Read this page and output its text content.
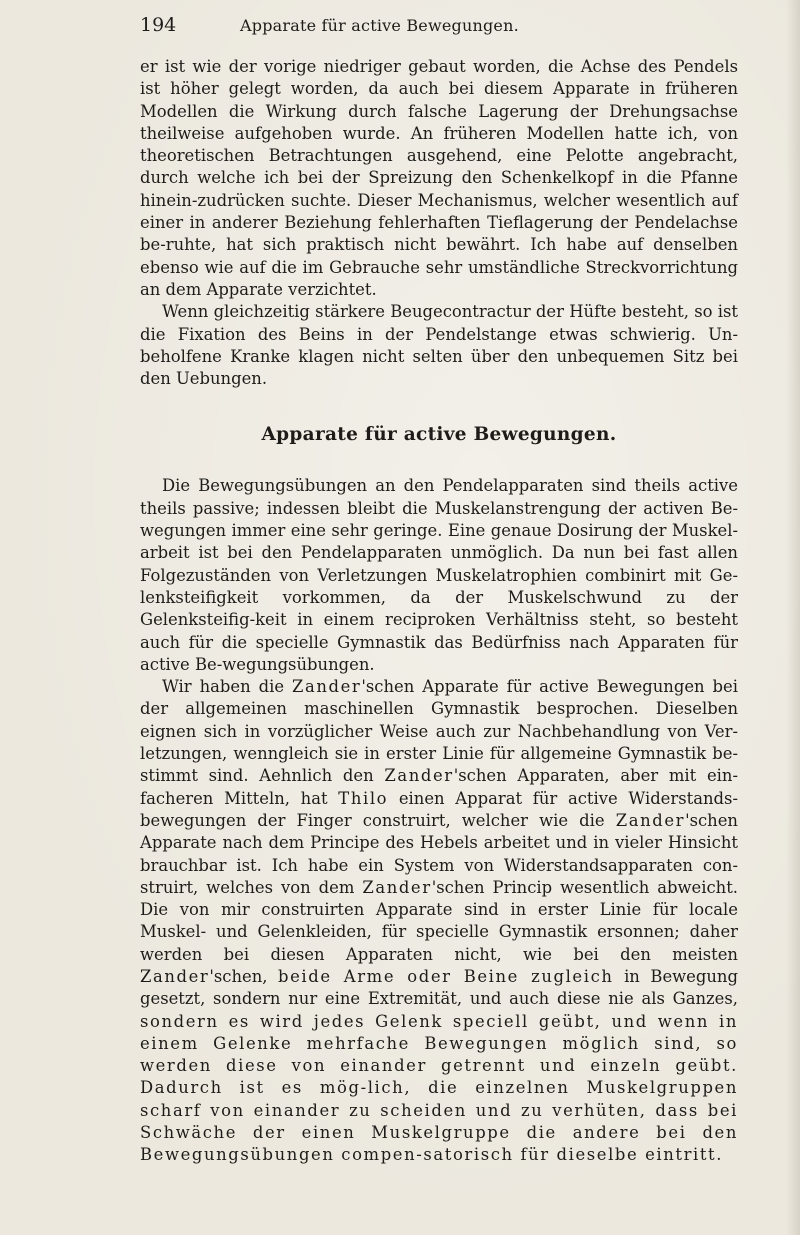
194	Apparate für active Bewegungen.

er ist wie der vorige niedriger gebaut worden, die Achse des Pendels ist höher gelegt worden, da auch bei diesem Apparate in früheren Modellen die Wirkung durch falsche Lagerung der Drehungsachse theilweise aufgehoben wurde. An früheren Modellen hatte ich, von theoretischen Betrachtungen ausgehend, eine Pelotte angebracht, durch welche ich bei der Spreizung den Schenkelkopf in die Pfanne hinein-zudrücken suchte. Dieser Mechanismus, welcher wesentlich auf einer in anderer Beziehung fehlerhaften Tieflagerung der Pendelachse be-ruhte, hat sich praktisch nicht bewährt. Ich habe auf denselben ebenso wie auf die im Gebrauche sehr umständliche Streckvorrichtung an dem Apparate verzichtet.

Wenn gleichzeitig stärkere Beugecontractur der Hüfte besteht, so ist die Fixation des Beins in der Pendelstange etwas schwierig. Un-beholfene Kranke klagen nicht selten über den unbequemen Sitz bei den Uebungen.

Apparate für active Bewegungen.

Die Bewegungsübungen an den Pendelapparaten sind theils active theils passive; indessen bleibt die Muskelanstrengung der activen Be-wegungen immer eine sehr geringe. Eine genaue Dosirung der Muskel-arbeit ist bei den Pendelapparaten unmöglich. Da nun bei fast allen Folgezuständen von Verletzungen Muskelatrophien combinirt mit Ge-lenksteifigkeit vorkommen, da der Muskelschwund zu der Gelenksteifig-keit in einem reciproken Verhältniss steht, so besteht auch für die specielle Gymnastik das Bedürfniss nach Apparaten für active Be-wegungsübungen.

Wir haben die Zander'schen Apparate für active Bewegungen bei der allgemeinen maschinellen Gymnastik besprochen. Dieselben eignen sich in vorzüglicher Weise auch zur Nachbehandlung von Ver-letzungen, wenngleich sie in erster Linie für allgemeine Gymnastik be-stimmt sind. Aehnlich den Zander'schen Apparaten, aber mit ein-facheren Mitteln, hat Thilo einen Apparat für active Widerstands-bewegungen der Finger construirt, welcher wie die Zander'schen Apparate nach dem Principe des Hebels arbeitet und in vieler Hinsicht brauchbar ist. Ich habe ein System von Widerstandsapparaten con-struirt, welches von dem Zander'schen Princip wesentlich abweicht. Die von mir construirten Apparate sind in erster Linie für locale Muskel- und Gelenkleiden, für specielle Gymnastik ersonnen; daher werden bei diesen Apparaten nicht, wie bei den meisten Zander'schen, beide Arme oder Beine zugleich in Bewegung gesetzt, sondern nur eine Extremität, und auch diese nie als Ganzes, sondern es wird jedes Gelenk speciell geübt, und wenn in einem Gelenke mehrfache Bewegungen möglich sind, so werden diese von einander getrennt und einzeln geübt. Dadurch ist es mög-lich, die einzelnen Muskelgruppen scharf von einander zu scheiden und zu verhüten, dass bei Schwäche der einen Muskelgruppe die andere bei den Bewegungsübungen compen-satorisch für dieselbe eintritt.
